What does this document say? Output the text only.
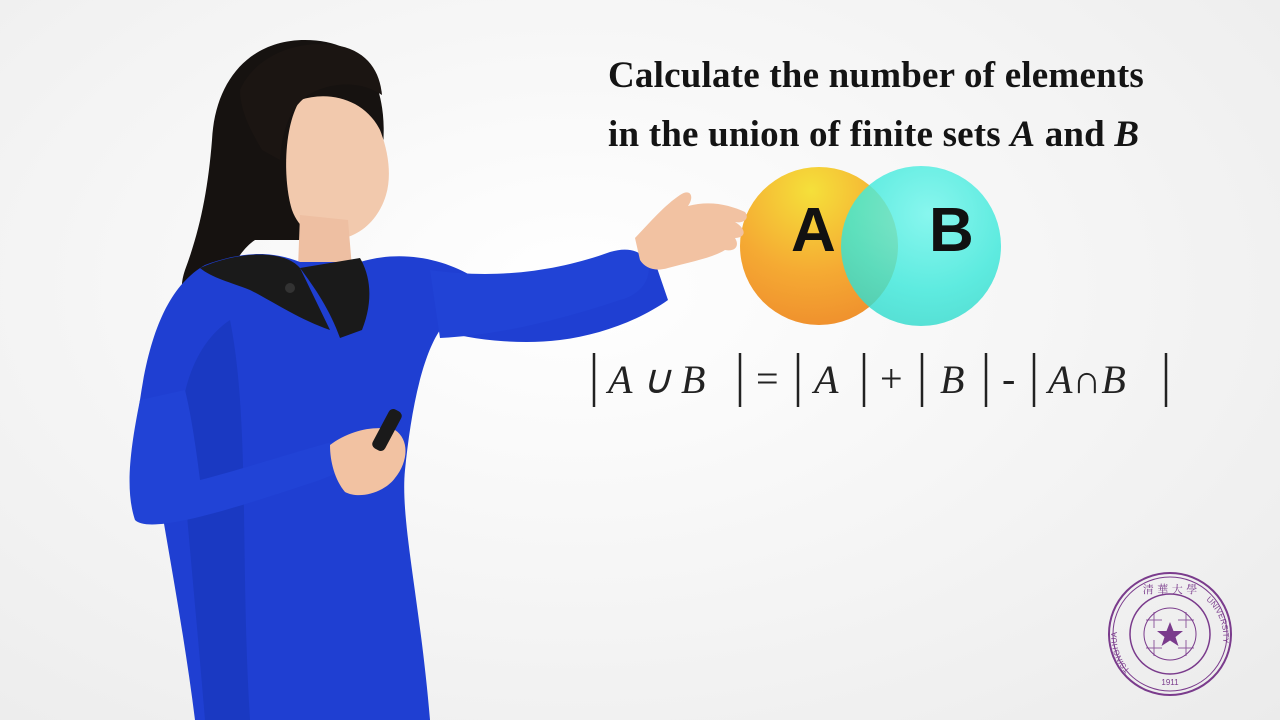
Calculate the number of elements
in the union of finite sets A and B
A B
A ∪ B = A + B - A∩B
清 華 大 學
TSINGHUA
UNIVERSITY
1911
